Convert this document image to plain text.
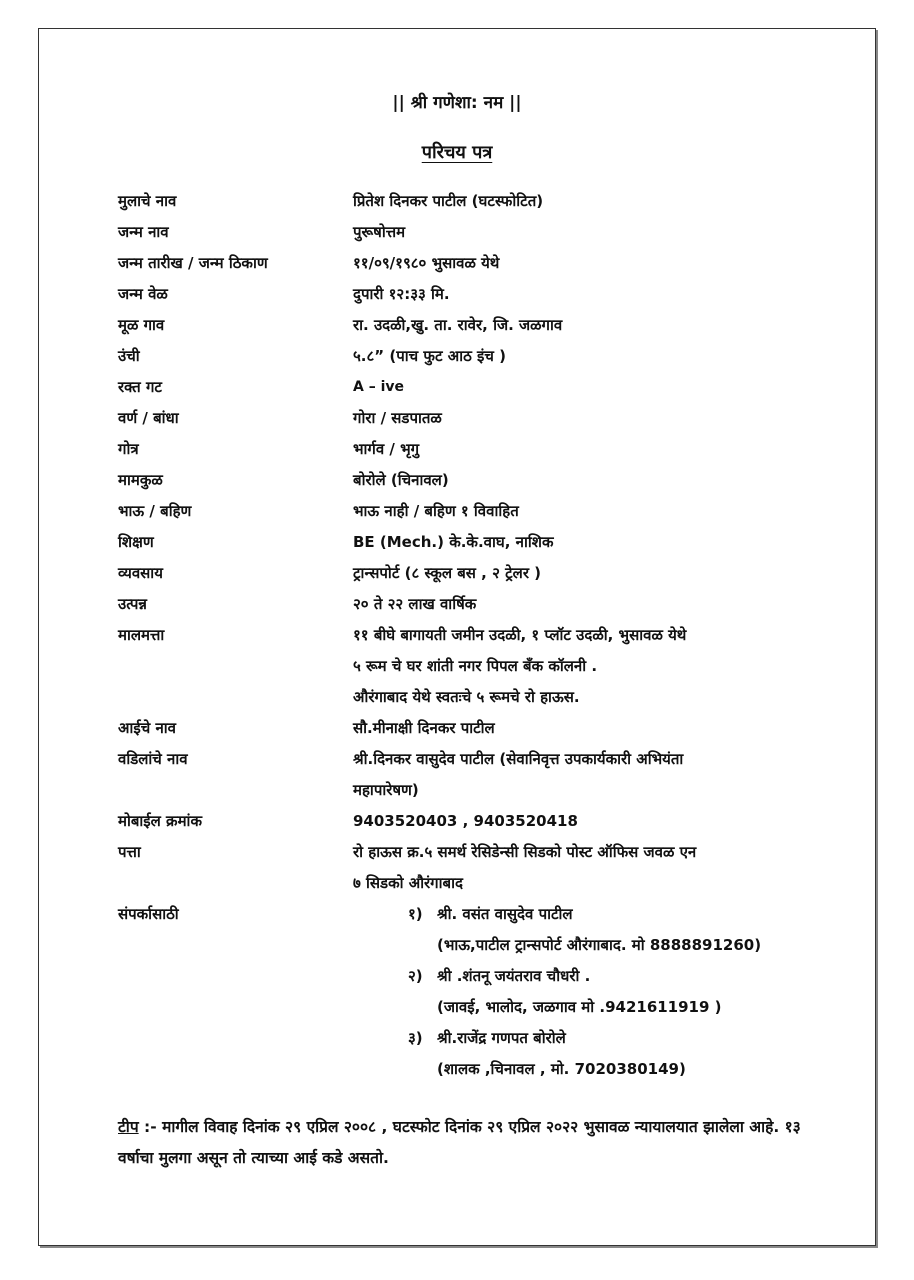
|| श्री गणेशा: नम ||
परिचय पत्र
मुलाचे नाव	प्रितेश दिनकर पाटील (घटस्फोटित)
जन्म नाव	पुरूषोत्तम
जन्म तारीख / जन्म ठिकाण	११/०९/१९८० भुसावळ येथे
जन्म वेळ	दुपारी १२:३३ मि.
मूळ गाव	रा. उदळी,खु. ता. रावेर, जि. जळगाव
उंची	५.८” (पाच फुट आठ इंच )
रक्त गट	A – ive
वर्ण / बांधा	गोरा / सडपातळ
गोत्र	भार्गव / भृगु
मामकुळ	बोरोले (चिनावल)
भाऊ / बहिण	भाऊ नाही / बहिण १ विवाहित
शिक्षण	BE (Mech.) के.के.वाघ, नाशिक
व्यवसाय	ट्रान्सपोर्ट (८ स्कूल बस , २ ट्रेलर )
उत्पन्न	२० ते २२ लाख वार्षिक
मालमत्ता	११ बीघे बागायती जमीन उदळी, १ प्लॉट उदळी, भुसावळ येथे
५ रूम चे घर शांती नगर पिपल बँक कॉलनी .
औरंगाबाद येथे स्वतःचे ५ रूमचे रो हाऊस.
आईचे नाव	सौ.मीनाक्षी दिनकर पाटील
वडिलांचे नाव	श्री.दिनकर वासुदेव पाटील (सेवानिवृत्त उपकार्यकारी अभियंता
महापारेषण)
मोबाईल क्रमांक	9403520403 , 9403520418
पत्ता	रो हाऊस क्र.५ समर्थ रेसिडेन्सी सिडको पोस्ट ऑफिस जवळ एन
७ सिडको औरंगाबाद
संपर्कासाठी	१) श्री. वसंत वासुदेव पाटील
(भाऊ,पाटील ट्रान्सपोर्ट औरंगाबाद. मो 8888891260)
२) श्री .शंतनू जयंतराव चौधरी .
(जावई, भालोद, जळगाव मो .9421611919 )
३) श्री.राजेंद्र गणपत बोरोले
(शालक ,चिनावल , मो. 7020380149)
टीप :- मागील विवाह दिनांक २९ एप्रिल २००८ , घटस्फोट दिनांक २९ एप्रिल २०२२ भुसावळ न्यायालयात झालेला आहे. १३ वर्षाचा मुलगा असून तो त्याच्या आई कडे असतो.
